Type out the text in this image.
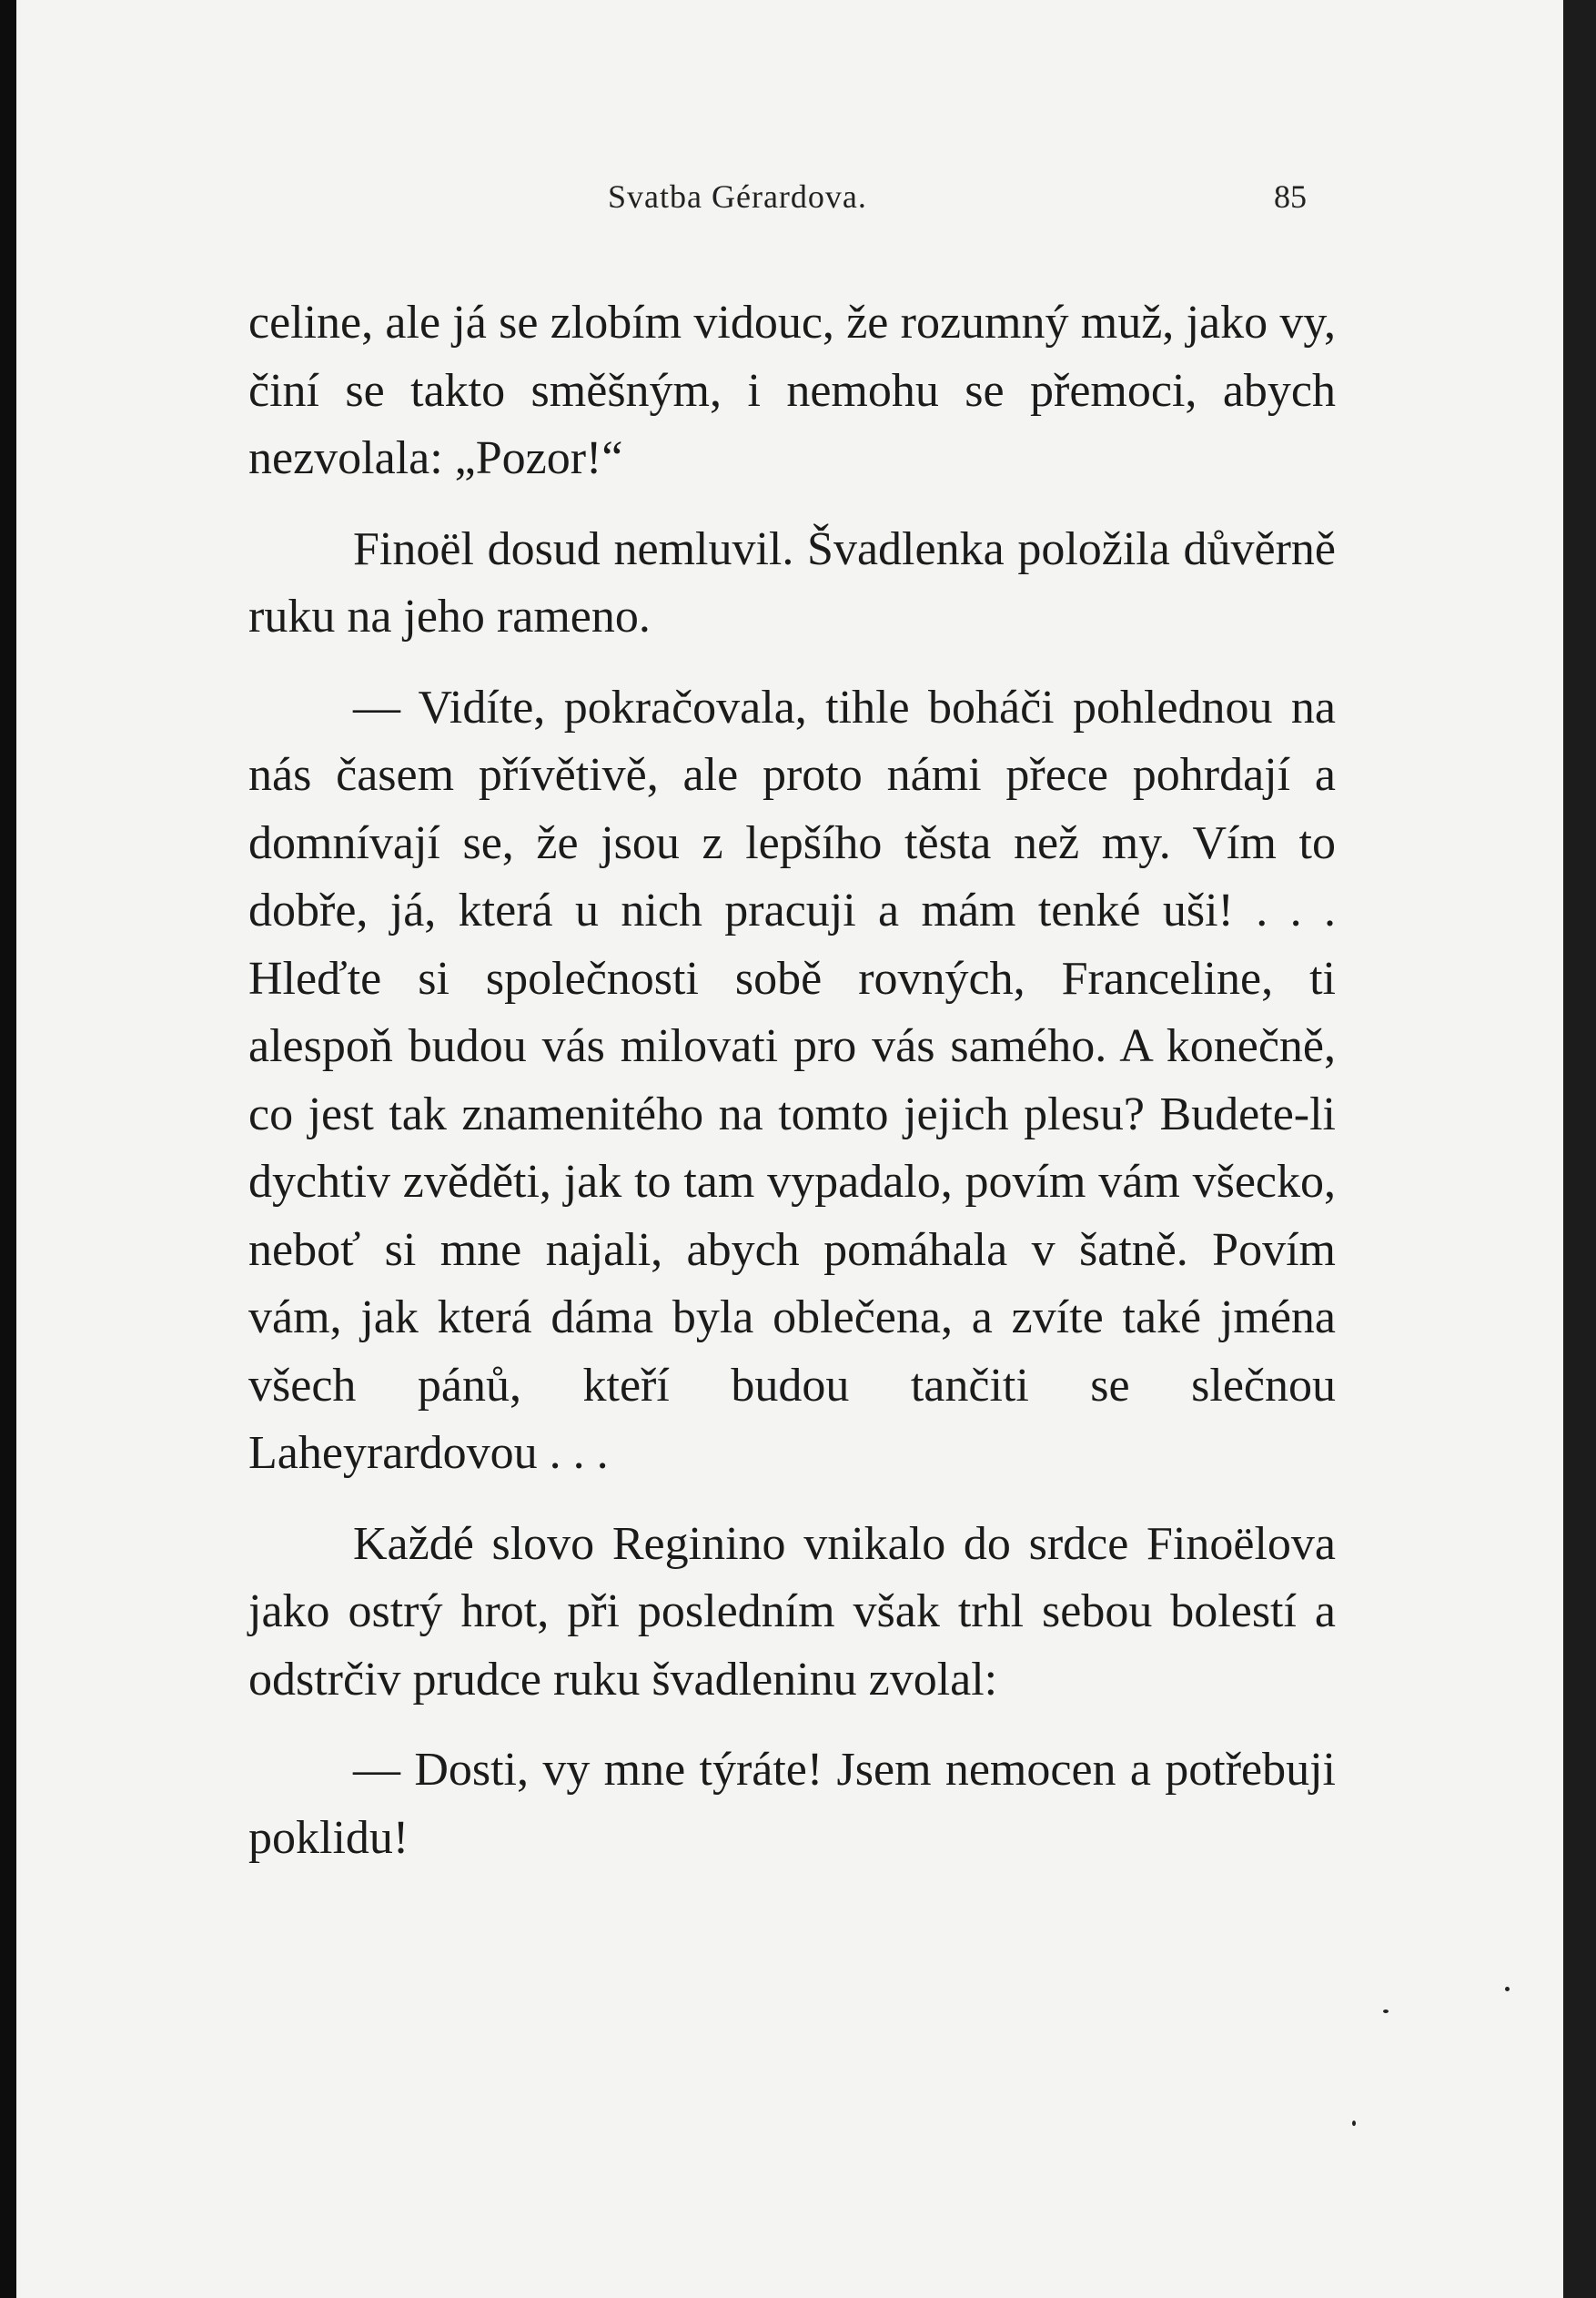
Svatba Gérardova.	85

celine, ale já se zlobím vidouc, že rozumný muž, jako vy, činí se takto směšným, i nemohu se přemoci, abych nezvolala: „Pozor!“

Finoël dosud nemluvil. Švadlenka položila důvěrně ruku na jeho rameno.

— Vidíte, pokračovala, tihle boháči pohlednou na nás časem přívětivě, ale proto námi přece pohrdají a domnívají se, že jsou z lepšího těsta než my. Vím to dobře, já, která u nich pracuji a mám tenké uši! . . . Hleďte si společnosti sobě rovných, Franceline, ti alespoň budou vás milovati pro vás samého. A konečně, co jest tak znamenitého na tomto jejich plesu? Budete-li dychtiv zvěděti, jak to tam vypadalo, povím vám všecko, neboť si mne najali, abych pomáhala v šatně. Povím vám, jak která dáma byla oblečena, a zvíte také jména všech pánů, kteří budou tančiti se slečnou Laheyrardovou . . .

Každé slovo Reginino vnikalo do srdce Finoëlova jako ostrý hrot, při posledním však trhl sebou bolestí a odstrčiv prudce ruku švadleninu zvolal:

— Dosti, vy mne týráte! Jsem nemocen a potřebuji poklidu!
